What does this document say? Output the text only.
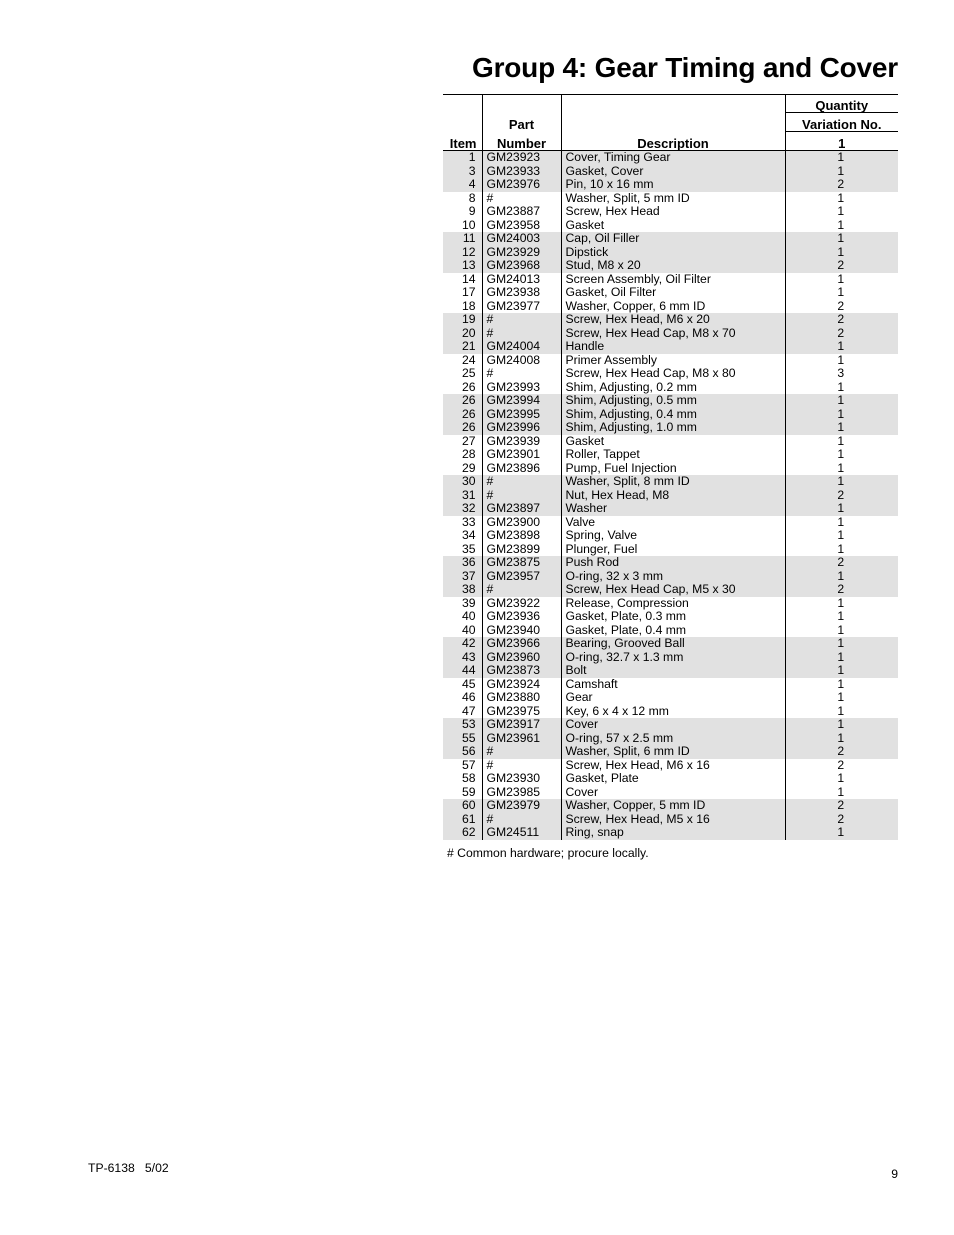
Group 4: Gear Timing and Cover
			Quantity
	Part		Variation No.
Item	Number	Description	1
1	GM23923	Cover, Timing Gear	1
3	GM23933	Gasket, Cover	1
4	GM23976	Pin, 10 x 16 mm	2
8	#	Washer, Split, 5 mm ID	1
9	GM23887	Screw, Hex Head	1
10	GM23958	Gasket	1
11	GM24003	Cap, Oil Filler	1
12	GM23929	Dipstick	1
13	GM23968	Stud, M8 x 20	2
14	GM24013	Screen Assembly, Oil Filter	1
17	GM23938	Gasket, Oil Filter	1
18	GM23977	Washer, Copper, 6 mm ID	2
19	#	Screw, Hex Head, M6 x 20	2
20	#	Screw, Hex Head Cap, M8 x 70	2
21	GM24004	Handle	1
24	GM24008	Primer Assembly	1
25	#	Screw, Hex Head Cap, M8 x 80	3
26	GM23993	Shim, Adjusting, 0.2 mm	1
26	GM23994	Shim, Adjusting, 0.5 mm	1
26	GM23995	Shim, Adjusting, 0.4 mm	1
26	GM23996	Shim, Adjusting, 1.0 mm	1
27	GM23939	Gasket	1
28	GM23901	Roller, Tappet	1
29	GM23896	Pump, Fuel Injection	1
30	#	Washer, Split, 8 mm ID	1
31	#	Nut, Hex Head, M8	2
32	GM23897	Washer	1
33	GM23900	Valve	1
34	GM23898	Spring, Valve	1
35	GM23899	Plunger, Fuel	1
36	GM23875	Push Rod	2
37	GM23957	O-ring, 32 x 3 mm	1
38	#	Screw, Hex Head Cap, M5 x 30	2
39	GM23922	Release, Compression	1
40	GM23936	Gasket, Plate, 0.3 mm	1
40	GM23940	Gasket, Plate, 0.4 mm	1
42	GM23966	Bearing, Grooved Ball	1
43	GM23960	O-ring, 32.7 x 1.3 mm	1
44	GM23873	Bolt	1
45	GM23924	Camshaft	1
46	GM23880	Gear	1
47	GM23975	Key, 6 x 4 x 12 mm	1
53	GM23917	Cover	1
55	GM23961	O-ring, 57 x 2.5 mm	1
56	#	Washer, Split, 6 mm ID	2
57	#	Screw, Hex Head, M6 x 16	2
58	GM23930	Gasket, Plate	1
59	GM23985	Cover	1
60	GM23979	Washer, Copper, 5 mm ID	2
61	#	Screw, Hex Head, M5 x 16	2
62	GM24511	Ring, snap	1

# Common hardware; procure locally.

TP-6138   5/02	9
